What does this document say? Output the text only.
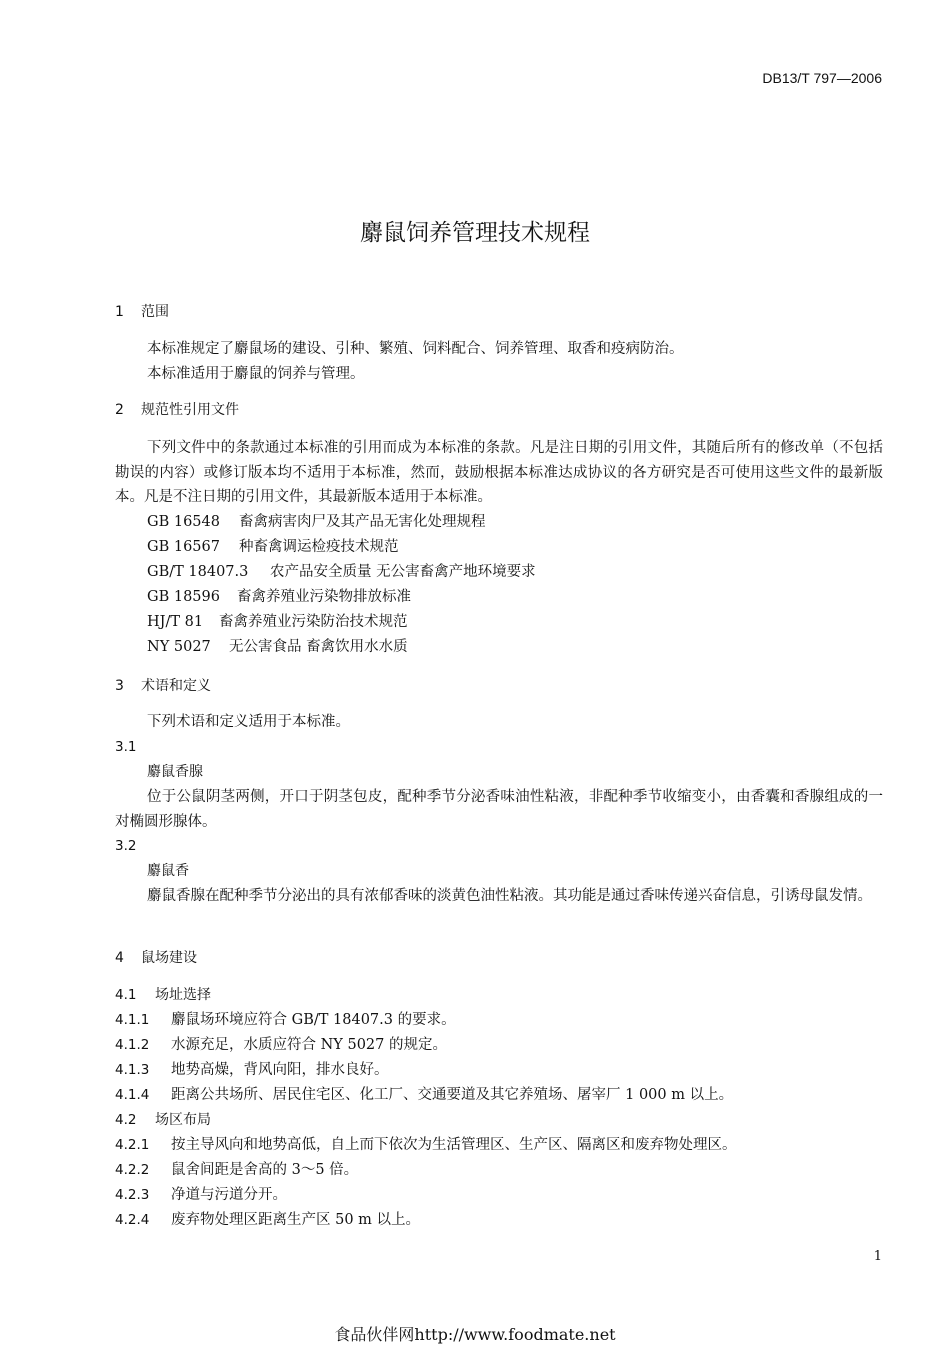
DB13/T 797—2006
麝鼠饲养管理技术规程
1 范围
本标准规定了麝鼠场的建设、引种、繁殖、饲料配合、饲养管理、取香和疫病防治。
本标准适用于麝鼠的饲养与管理。
2 规范性引用文件
下列文件中的条款通过本标准的引用而成为本标准的条款。凡是注日期的引用文件，其随后所有的修改单（不包括勘误的内容）或修订版本均不适用于本标准，然而，鼓励根据本标准达成协议的各方研究是否可使用这些文件的最新版本。凡是不注日期的引用文件，其最新版本适用于本标准。
GB 16548 畜禽病害肉尸及其产品无害化处理规程
GB 16567 种畜禽调运检疫技术规范
GB/T 18407.3 农产品安全质量 无公害畜禽产地环境要求
GB 18596 畜禽养殖业污染物排放标准
HJ/T 81 畜禽养殖业污染防治技术规范
NY 5027 无公害食品 畜禽饮用水水质
3 术语和定义
下列术语和定义适用于本标准。
3.1
麝鼠香腺
位于公鼠阴茎两侧，开口于阴茎包皮，配种季节分泌香味油性粘液，非配种季节收缩变小，由香囊和香腺组成的一对椭圆形腺体。
3.2
麝鼠香
麝鼠香腺在配种季节分泌出的具有浓郁香味的淡黄色油性粘液。其功能是通过香味传递兴奋信息，引诱母鼠发情。
4 鼠场建设
4.1 场址选择
4.1.1 麝鼠场环境应符合 GB/T 18407.3 的要求。
4.1.2 水源充足，水质应符合 NY 5027 的规定。
4.1.3 地势高燥，背风向阳，排水良好。
4.1.4 距离公共场所、居民住宅区、化工厂、交通要道及其它养殖场、屠宰厂 1 000 m 以上。
4.2 场区布局
4.2.1 按主导风向和地势高低，自上而下依次为生活管理区、生产区、隔离区和废弃物处理区。
4.2.2 鼠舍间距是舍高的 3～5 倍。
4.2.3 净道与污道分开。
4.2.4 废弃物处理区距离生产区 50 m 以上。
1
食品伙伴网http://www.foodmate.net
